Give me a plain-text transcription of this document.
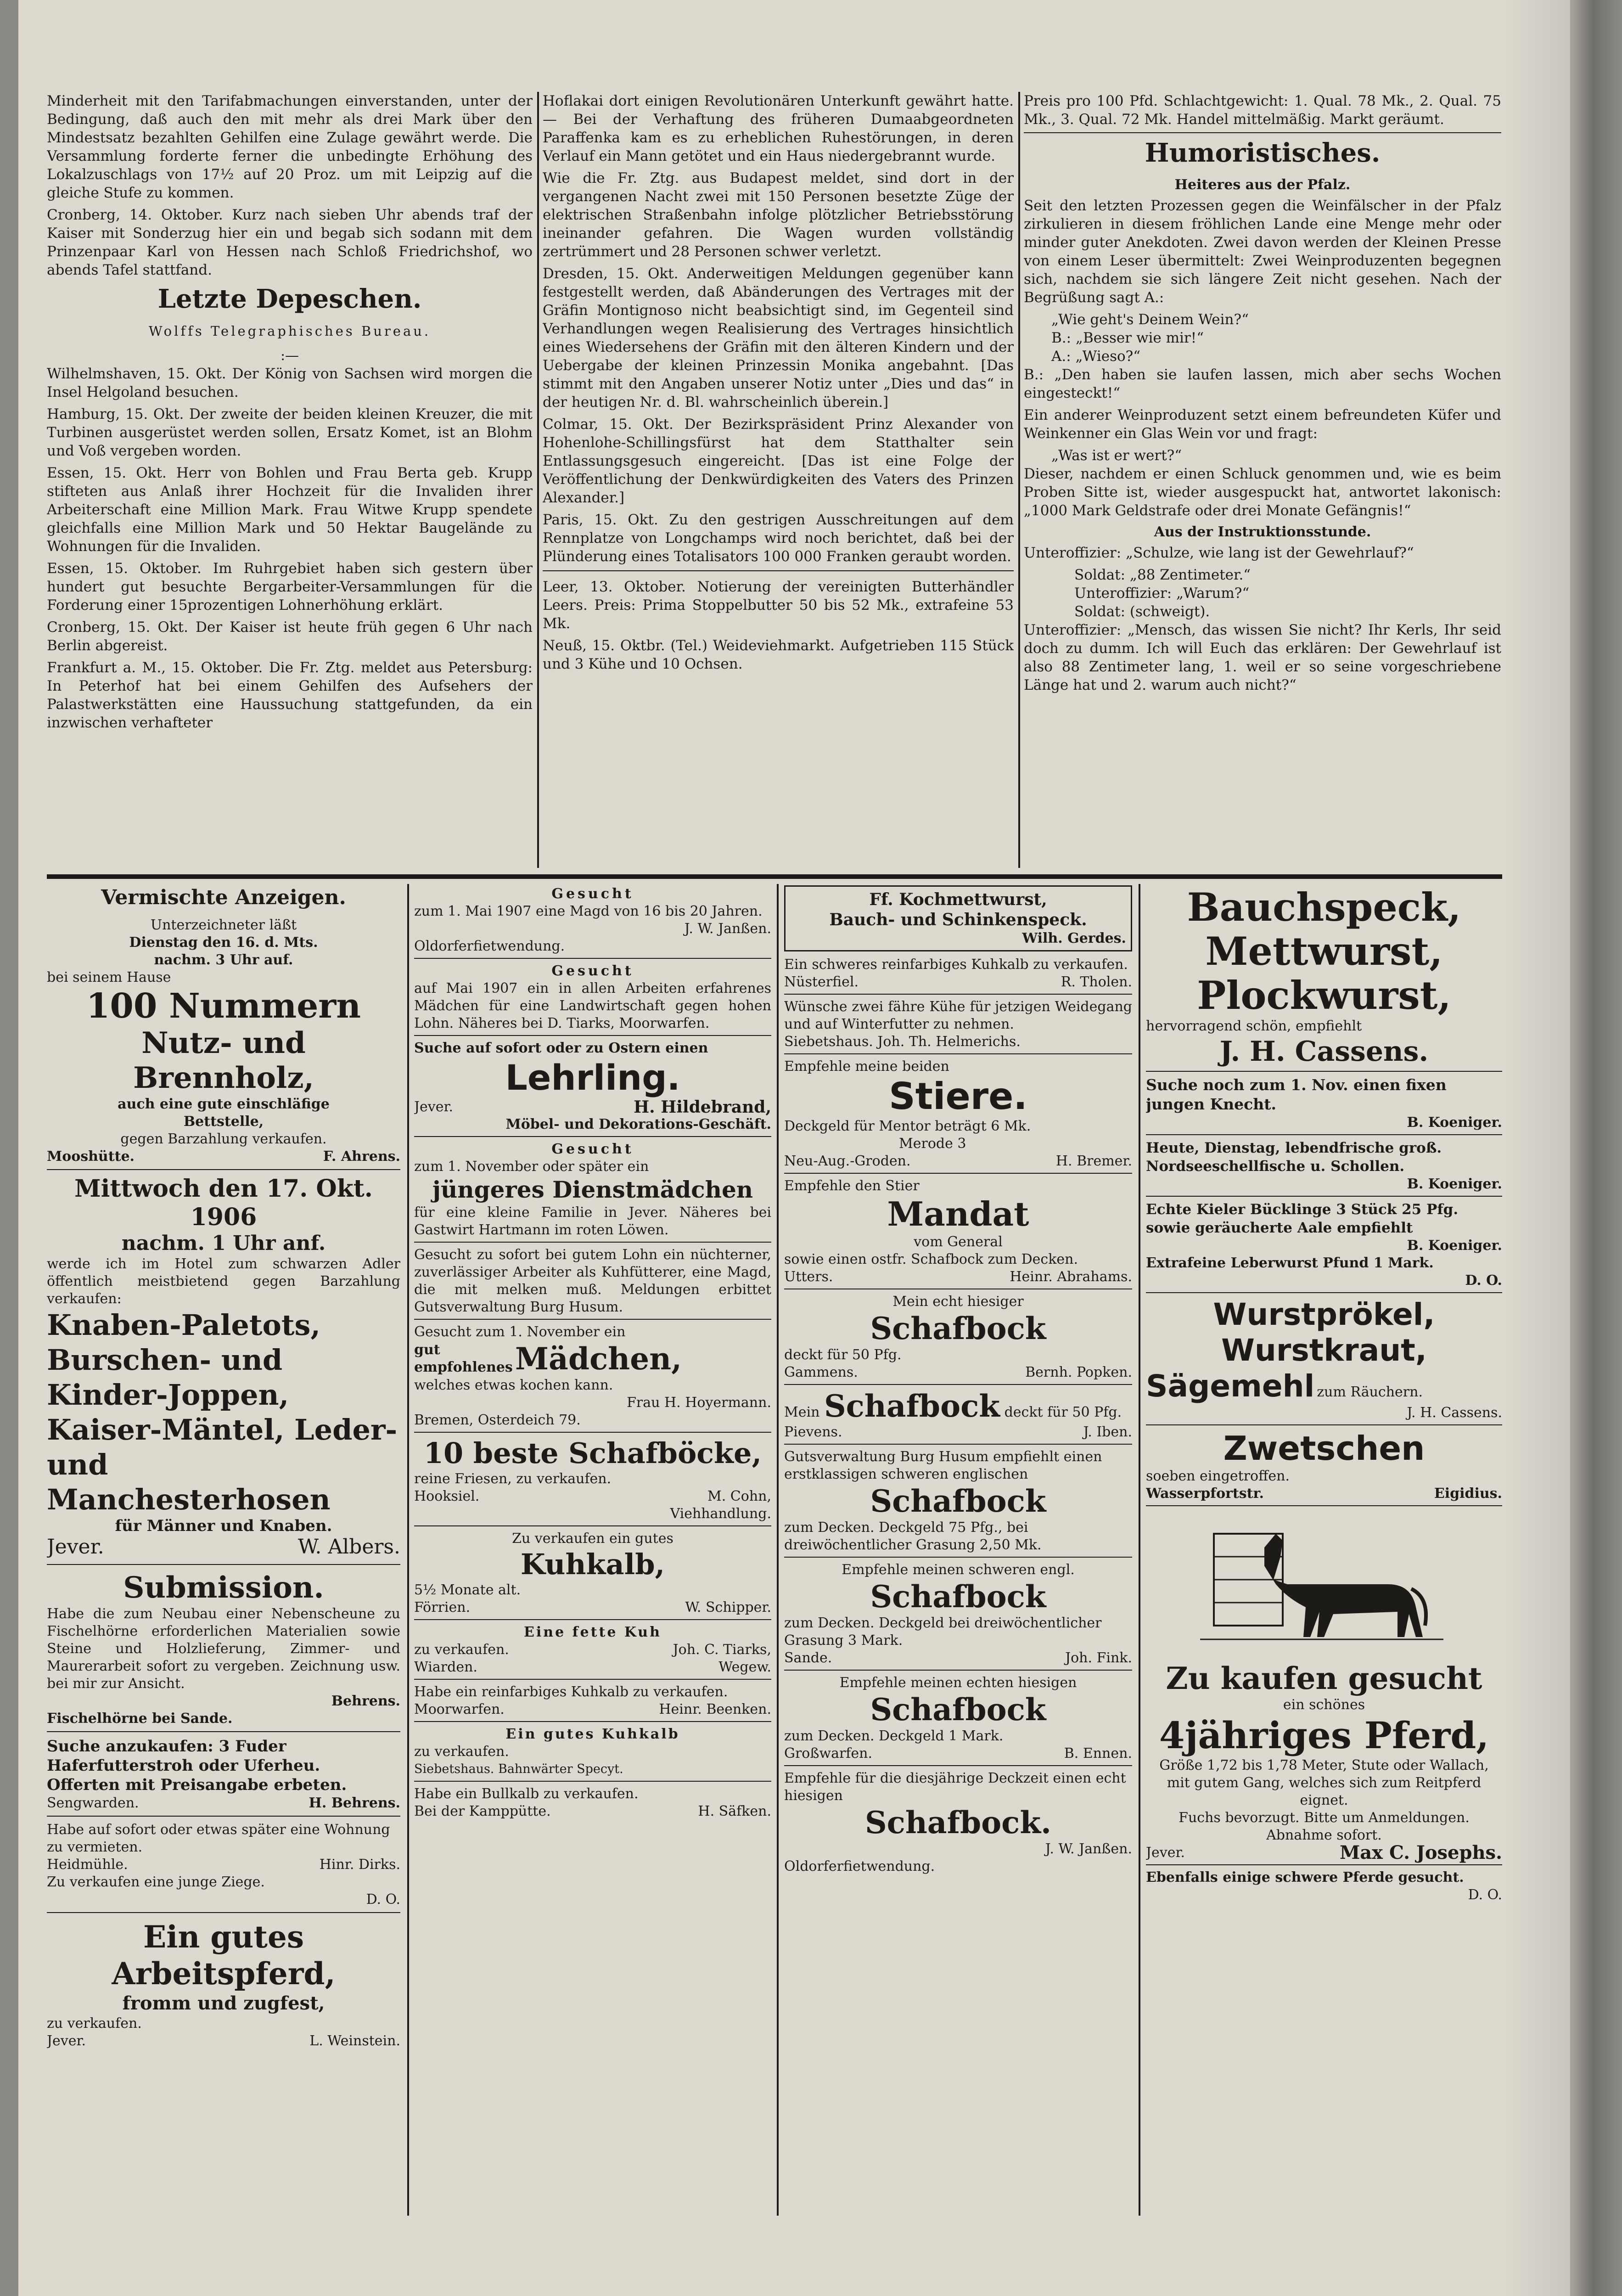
Minderheit mit den Tarifabmachungen einverstanden, unter der Bedingung, daß auch den mit mehr als drei Mark über den Mindestsatz bezahlten Gehilfen eine Zulage gewährt werde. Die Versammlung forderte ferner die unbedingte Erhöhung des Lokalzuschlags von 17½ auf 20 Proz. um mit Leipzig auf die gleiche Stufe zu kommen.

Cronberg, 14. Oktober. Kurz nach sieben Uhr abends traf der Kaiser mit Sonderzug hier ein und begab sich sodann mit dem Prinzenpaar Karl von Hessen nach Schloß Friedrichshof, wo abends Tafel stattfand.

Letzte Depeschen.

Wolffs Telegraphisches Bureau.

:—

Wilhelmshaven, 15. Okt. Der König von Sachsen wird morgen die Insel Helgoland besuchen.

Hamburg, 15. Okt. Der zweite der beiden kleinen Kreuzer, die mit Turbinen ausgerüstet werden sollen, Ersatz Komet, ist an Blohm und Voß vergeben worden.

Essen, 15. Okt. Herr von Bohlen und Frau Berta geb. Krupp stifteten aus Anlaß ihrer Hochzeit für die Invaliden ihrer Arbeiterschaft eine Million Mark. Frau Witwe Krupp spendete gleichfalls eine Million Mark und 50 Hektar Baugelände zu Wohnungen für die Invaliden.

Essen, 15. Oktober. Im Ruhrgebiet haben sich gestern über hundert gut besuchte Bergarbeiter-Versammlungen für die Forderung einer 15prozentigen Lohnerhöhung erklärt.

Cronberg, 15. Okt. Der Kaiser ist heute früh gegen 6 Uhr nach Berlin abgereist.

Frankfurt a. M., 15. Oktober. Die Fr. Ztg. meldet aus Petersburg: In Peterhof hat bei einem Gehilfen des Aufsehers der Palastwerkstätten eine Haussuchung stattgefunden, da ein inzwischen verhafteter

Hoflakai dort einigen Revolutionären Unterkunft gewährt hatte. — Bei der Verhaftung des früheren Dumaabgeordneten Paraffenka kam es zu erheblichen Ruhestörungen, in deren Verlauf ein Mann getötet und ein Haus niedergebrannt wurde.

Wie die Fr. Ztg. aus Budapest meldet, sind dort in der vergangenen Nacht zwei mit 150 Personen besetzte Züge der elektrischen Straßenbahn infolge plötzlicher Betriebsstörung ineinander gefahren. Die Wagen wurden vollständig zertrümmert und 28 Personen schwer verletzt.

Dresden, 15. Okt. Anderweitigen Meldungen gegenüber kann festgestellt werden, daß Abänderungen des Vertrages mit der Gräfin Montignoso nicht beabsichtigt sind, im Gegenteil sind Verhandlungen wegen Realisierung des Vertrages hinsichtlich eines Wiedersehens der Gräfin mit den älteren Kindern und der Uebergabe der kleinen Prinzessin Monika angebahnt. [Das stimmt mit den Angaben unserer Notiz unter „Dies und das“ in der heutigen Nr. d. Bl. wahrscheinlich überein.]

Colmar, 15. Okt. Der Bezirkspräsident Prinz Alexander von Hohenlohe-Schillingsfürst hat dem Statthalter sein Entlassungsgesuch eingereicht. [Das ist eine Folge der Veröffentlichung der Denkwürdigkeiten des Vaters des Prinzen Alexander.]

Paris, 15. Okt. Zu den gestrigen Ausschreitungen auf dem Rennplatze von Longchamps wird noch berichtet, daß bei der Plünderung eines Totalisators 100 000 Franken geraubt worden.

Leer, 13. Oktober. Notierung der vereinigten Butterhändler Leers. Preis: Prima Stoppelbutter 50 bis 52 Mk., extrafeine 53 Mk.

Neuß, 15. Oktbr. (Tel.) Weideviehmarkt. Aufgetrieben 115 Stück und 3 Kühe und 10 Ochsen.

Preis pro 100 Pfd. Schlachtgewicht: 1. Qual. 78 Mk., 2. Qual. 75 Mk., 3. Qual. 72 Mk. Handel mittelmäßig. Markt geräumt.

Humoristisches.

Heiteres aus der Pfalz.

Seit den letzten Prozessen gegen die Weinfälscher in der Pfalz zirkulieren in diesem fröhlichen Lande eine Menge mehr oder minder guter Anekdoten. Zwei davon werden der Kleinen Presse von einem Leser übermittelt: Zwei Weinproduzenten begegnen sich, nachdem sie sich längere Zeit nicht gesehen. Nach der Begrüßung sagt A.:

„Wie geht's Deinem Wein?“

B.: „Besser wie mir!“

A.: „Wieso?“

B.: „Den haben sie laufen lassen, mich aber sechs Wochen eingesteckt!“

Ein anderer Weinproduzent setzt einem befreundeten Küfer und Weinkenner ein Glas Wein vor und fragt:

„Was ist er wert?“

Dieser, nachdem er einen Schluck genommen und, wie es beim Proben Sitte ist, wieder ausgespuckt hat, antwortet lakonisch: „1000 Mark Geldstrafe oder drei Monate Gefängnis!“

Aus der Instruktionsstunde.

Unteroffizier: „Schulze, wie lang ist der Gewehrlauf?“

Soldat: „88 Zentimeter.“

Unteroffizier: „Warum?“

Soldat: (schweigt).

Unteroffizier: „Mensch, das wissen Sie nicht? Ihr Kerls, Ihr seid doch zu dumm. Ich will Euch das erklären: Der Gewehrlauf ist also 88 Zentimeter lang, 1. weil er so seine vorgeschriebene Länge hat und 2. warum auch nicht?“

Vermischte Anzeigen.

Unterzeichneter läßt

Dienstag den 16. d. Mts.

nachm. 3 Uhr auf.

bei seinem Hause

100 Nummern

Nutz- und Brennholz,

auch eine gute einschläfige

Bettstelle,

gegen Barzahlung verkaufen.

Mooshütte.	F. Ahrens.

Mittwoch den 17. Okt. 1906

nachm. 1 Uhr anf.

werde ich im Hotel zum schwarzen Adler öffentlich meistbietend gegen Barzahlung verkaufen:

Knaben-Paletots, Burschen- und Kinder-Joppen, Kaiser-Mäntel, Leder- und Manchesterhosen

für Männer und Knaben.

Jever.	W. Albers.

Submission.

Habe die zum Neubau einer Nebenscheune zu Fischelhörne erforderlichen Materialien sowie Steine und Holzlieferung, Zimmer- und Maurerarbeit sofort zu vergeben. Zeichnung usw. bei mir zur Ansicht.

Behrens.

Fischelhörne bei Sande.

Suche anzukaufen: 3 Fuder Haferfutterstroh oder Uferheu.

Offerten mit Preisangabe erbeten.

Sengwarden.	H. Behrens.

Habe auf sofort oder etwas später eine Wohnung zu vermieten.

Heidmühle.	Hinr. Dirks.

Zu verkaufen eine junge Ziege.

D. O.

Ein gutes Arbeitspferd,

fromm und zugfest,

zu verkaufen.

Jever.	L. Weinstein.

Gesucht

zum 1. Mai 1907 eine Magd von 16 bis 20 Jahren.

J. W. Janßen.

Oldorferfietwendung.

Gesucht

auf Mai 1907 ein in allen Arbeiten erfahrenes Mädchen für eine Landwirtschaft gegen hohen Lohn. Näheres bei D. Tiarks, Moorwarfen.

Suche auf sofort oder zu Ostern einen

Lehrling.

Jever.	H. Hildebrand,

Möbel- und Dekorations-Geschäft.

Gesucht

zum 1. November oder später ein

jüngeres Dienstmädchen

für eine kleine Familie in Jever. Näheres bei Gastwirt Hartmann im roten Löwen.

Gesucht zu sofort bei gutem Lohn ein nüchterner, zuverlässiger Arbeiter als Kuhfütterer, eine Magd, die mit melken muß. Meldungen erbittet Gutsverwaltung Burg Husum.

Gesucht zum 1. November ein

gut empfohlenes

Mädchen,

welches etwas kochen kann.

Frau H. Hoyermann.

Bremen, Osterdeich 79.

10 beste Schafböcke,

reine Friesen, zu verkaufen.

Hooksiel.	M. Cohn,

Viehhandlung.

Zu verkaufen ein gutes

Kuhkalb,

5½ Monate alt.

Förrien.	W. Schipper.

Eine fette Kuh

zu verkaufen.	Joh. C. Tiarks,
Wiarden.	Wegew.

Habe ein reinfarbiges Kuhkalb zu verkaufen.

Moorwarfen.	Heinr. Beenken.

Ein gutes Kuhkalb

zu verkaufen.

Siebetshaus. Bahnwärter Specyt.

Habe ein Bullkalb zu verkaufen.

Bei der Kamppütte.	H. Säfken.

Ff. Kochmettwurst,

Bauch- und Schinkenspeck.

Wilh. Gerdes.

Ein schweres reinfarbiges Kuhkalb zu verkaufen.

Nüsterfiel.	R. Tholen.

Wünsche zwei fähre Kühe für jetzigen Weidegang und auf Winterfutter zu nehmen.

Siebetshaus. Joh. Th. Helmerichs.

Empfehle meine beiden

Stiere.

Deckgeld für Mentor beträgt 6 Mk.

Merode 3

Neu-Aug.-Groden.	H. Bremer.

Empfehle den Stier

Mandat

vom General

sowie einen ostfr. Schafbock zum Decken.

Utters.	Heinr. Abrahams.

Mein echt hiesiger

Schafbock

deckt für 50 Pfg.

Gammens.	Bernh. Popken.

Mein Schafbock deckt für 50 Pfg.

Pievens.	J. Iben.

Gutsverwaltung Burg Husum empfiehlt einen erstklassigen schweren englischen

Schafbock

zum Decken. Deckgeld 75 Pfg., bei dreiwöchentlicher Grasung 2,50 Mk.

Empfehle meinen schweren engl.

Schafbock

zum Decken. Deckgeld bei dreiwöchentlicher Grasung 3 Mark.

Sande.	Joh. Fink.

Empfehle meinen echten hiesigen

Schafbock

zum Decken. Deckgeld 1 Mark.

Großwarfen.	B. Ennen.

Empfehle für die diesjährige Deckzeit einen echt hiesigen

Schafbock.

J. W. Janßen.

Oldorferfietwendung.

Bauchspeck,

Mettwurst,

Plockwurst,

hervorragend schön, empfiehlt

J. H. Cassens.

Suche noch zum 1. Nov. einen fixen jungen Knecht.

B. Koeniger.

Heute, Dienstag, lebendfrische groß. Nordseeschellfische u. Schollen.

B. Koeniger.

Echte Kieler Bücklinge 3 Stück 25 Pfg. sowie geräucherte Aale empfiehlt

B. Koeniger.

Extrafeine Leberwurst Pfund 1 Mark.

D. O.

Wurstprökel,

Wurstkraut,

Sägemehl zum Räuchern.

J. H. Cassens.

Zwetschen

soeben eingetroffen.

Wasserpfortstr.	Eigidius.

Zu kaufen gesucht

ein schönes

4jähriges Pferd,

Größe 1,72 bis 1,78 Meter, Stute oder Wallach, mit gutem Gang, welches sich zum Reitpferd eignet.

Fuchs bevorzugt. Bitte um Anmeldungen. Abnahme sofort.

Jever.	Max C. Josephs.

Ebenfalls einige schwere Pferde gesucht.

D. O.
